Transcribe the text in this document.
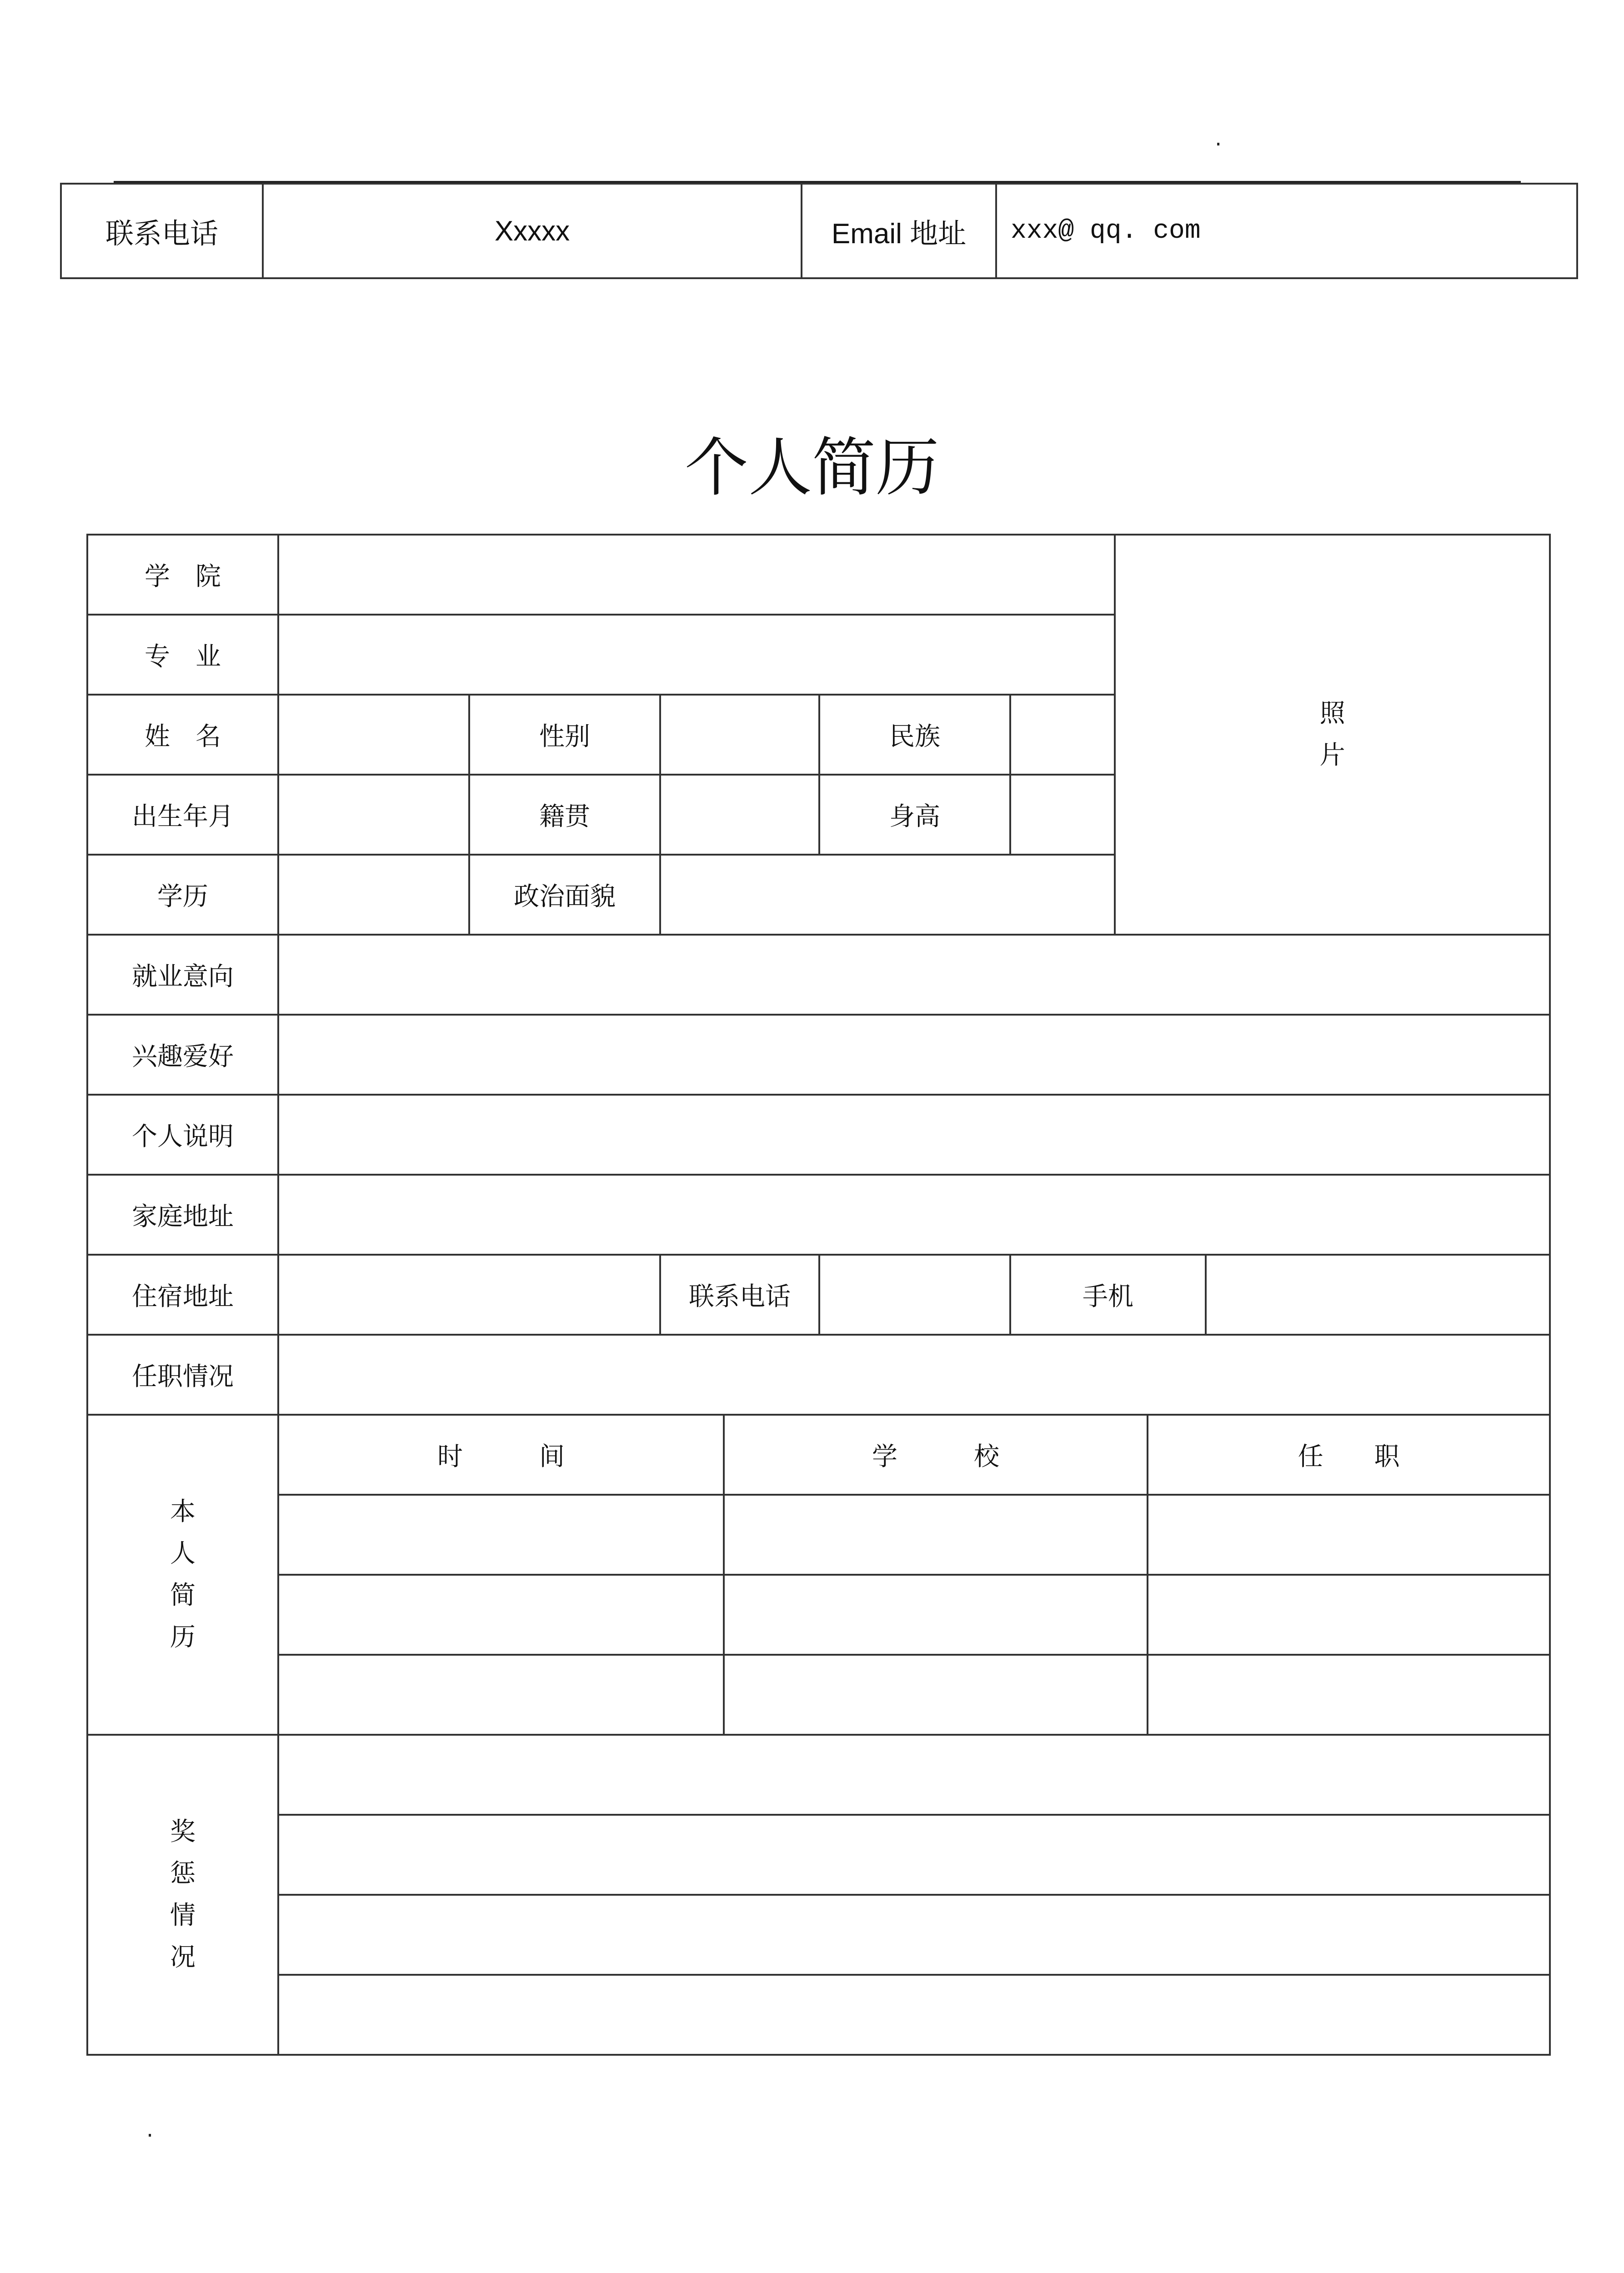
.
联系电话	Xxxxx	Email 地址	xxx@ qq. com
个人简历
学　院							照
片		

专　业									
姓　名		性别			民族				
出生年月		籍贯			身高				
学历		政治面貌							
就业意向									
兴趣爱好									
个人说明									
家庭地址									
住宿地址			联系电话			手机			
任职情况									

本
人
简
历	时　　　间			学　　　校				任　　职	

奖
惩
情
况									

.
